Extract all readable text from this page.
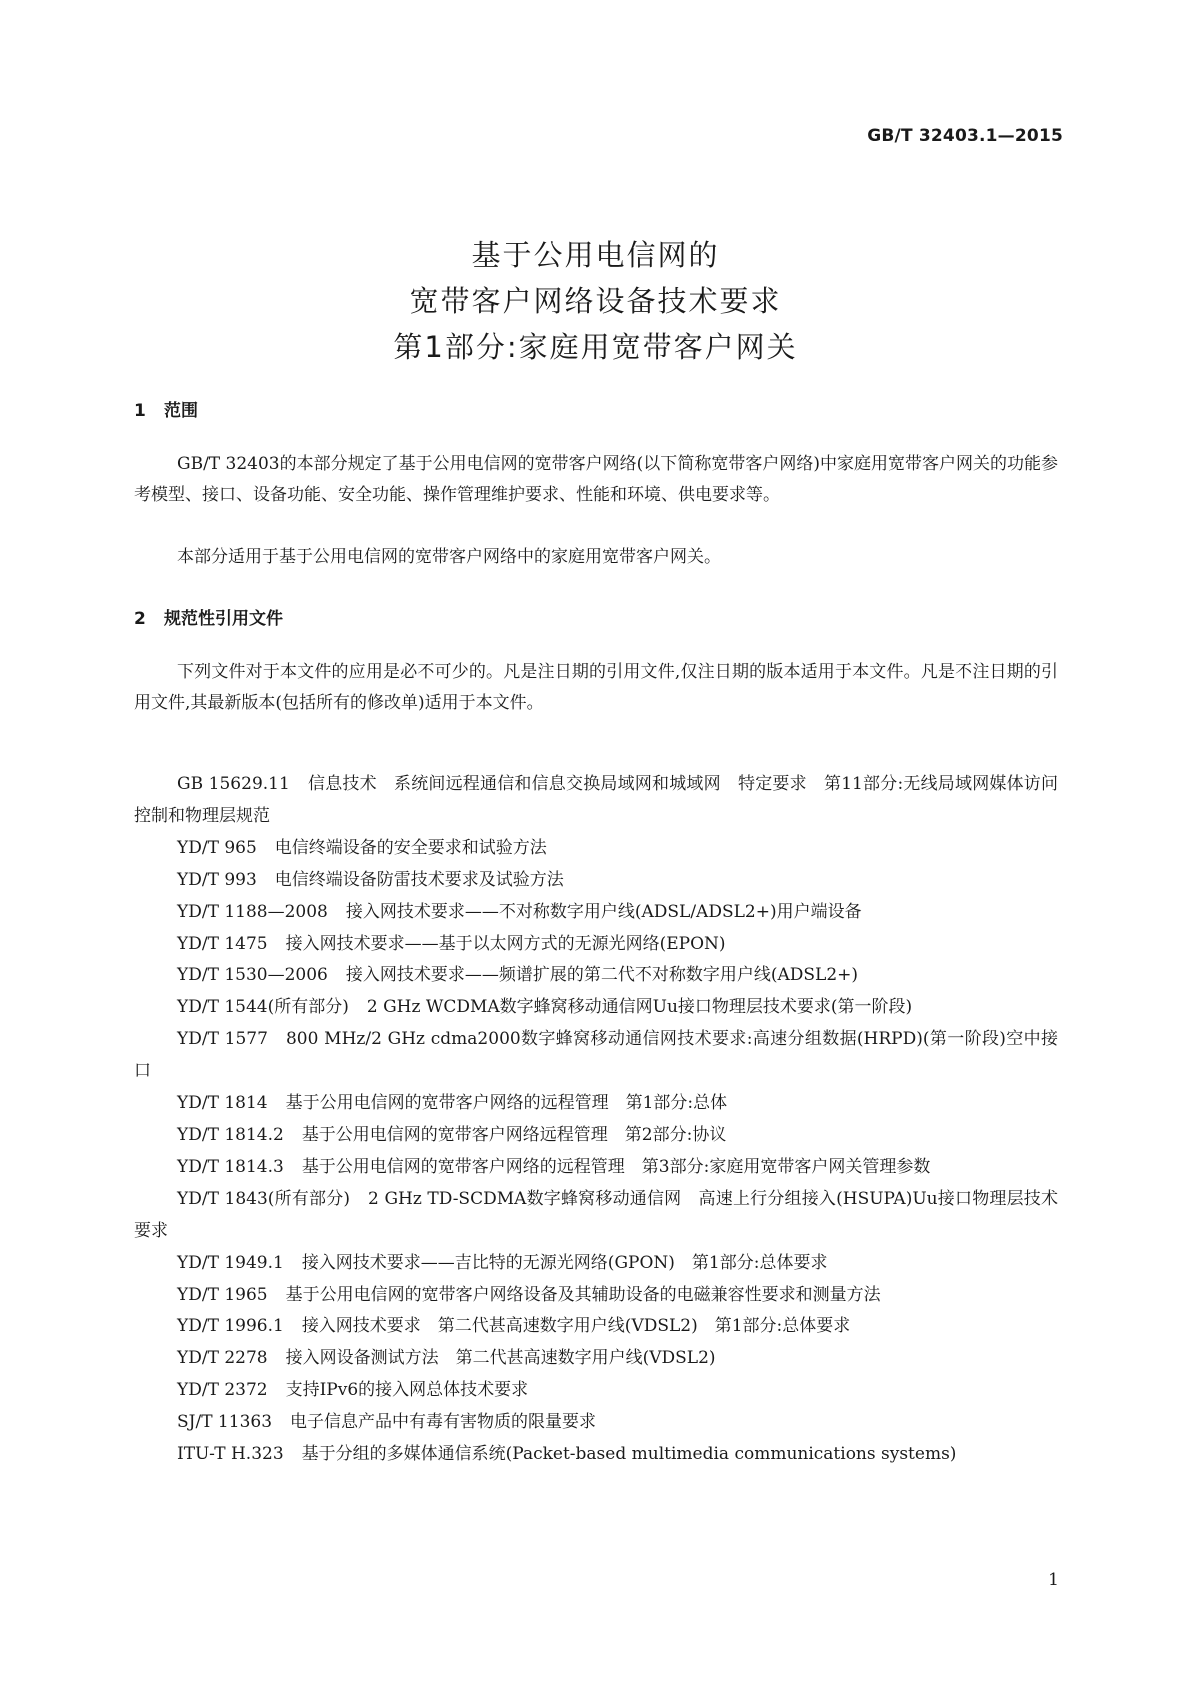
GB/T 32403.1—2015
基于公用电信网的
宽带客户网络设备技术要求
第1部分:家庭用宽带客户网关
1 范围
GB/T 32403的本部分规定了基于公用电信网的宽带客户网络(以下简称宽带客户网络)中家庭用宽带客户网关的功能参考模型、接口、设备功能、安全功能、操作管理维护要求、性能和环境、供电要求等。
本部分适用于基于公用电信网的宽带客户网络中的家庭用宽带客户网关。
2 规范性引用文件
下列文件对于本文件的应用是必不可少的。凡是注日期的引用文件,仅注日期的版本适用于本文件。凡是不注日期的引用文件,其最新版本(包括所有的修改单)适用于本文件。
GB 15629.11 信息技术　系统间远程通信和信息交换局域网和城域网　特定要求　第11部分:无线局域网媒体访问控制和物理层规范
YD/T 965 电信终端设备的安全要求和试验方法
YD/T 993 电信终端设备防雷技术要求及试验方法
YD/T 1188—2008 接入网技术要求——不对称数字用户线(ADSL/ADSL2+)用户端设备
YD/T 1475 接入网技术要求——基于以太网方式的无源光网络(EPON)
YD/T 1530—2006 接入网技术要求——频谱扩展的第二代不对称数字用户线(ADSL2+)
YD/T 1544(所有部分) 2 GHz WCDMA数字蜂窝移动通信网Uu接口物理层技术要求(第一阶段)
YD/T 1577 800 MHz/2 GHz cdma2000数字蜂窝移动通信网技术要求:高速分组数据(HRPD)(第一阶段)空中接口
YD/T 1814 基于公用电信网的宽带客户网络的远程管理　第1部分:总体
YD/T 1814.2 基于公用电信网的宽带客户网络远程管理　第2部分:协议
YD/T 1814.3 基于公用电信网的宽带客户网络的远程管理　第3部分:家庭用宽带客户网关管理参数
YD/T 1843(所有部分) 2 GHz TD-SCDMA数字蜂窝移动通信网　高速上行分组接入(HSUPA)Uu接口物理层技术要求
YD/T 1949.1 接入网技术要求——吉比特的无源光网络(GPON)　第1部分:总体要求
YD/T 1965 基于公用电信网的宽带客户网络设备及其辅助设备的电磁兼容性要求和测量方法
YD/T 1996.1 接入网技术要求　第二代甚高速数字用户线(VDSL2)　第1部分:总体要求
YD/T 2278 接入网设备测试方法　第二代甚高速数字用户线(VDSL2)
YD/T 2372 支持IPv6的接入网总体技术要求
SJ/T 11363 电子信息产品中有毒有害物质的限量要求
ITU-T H.323 基于分组的多媒体通信系统(Packet-based multimedia communications systems)
1
